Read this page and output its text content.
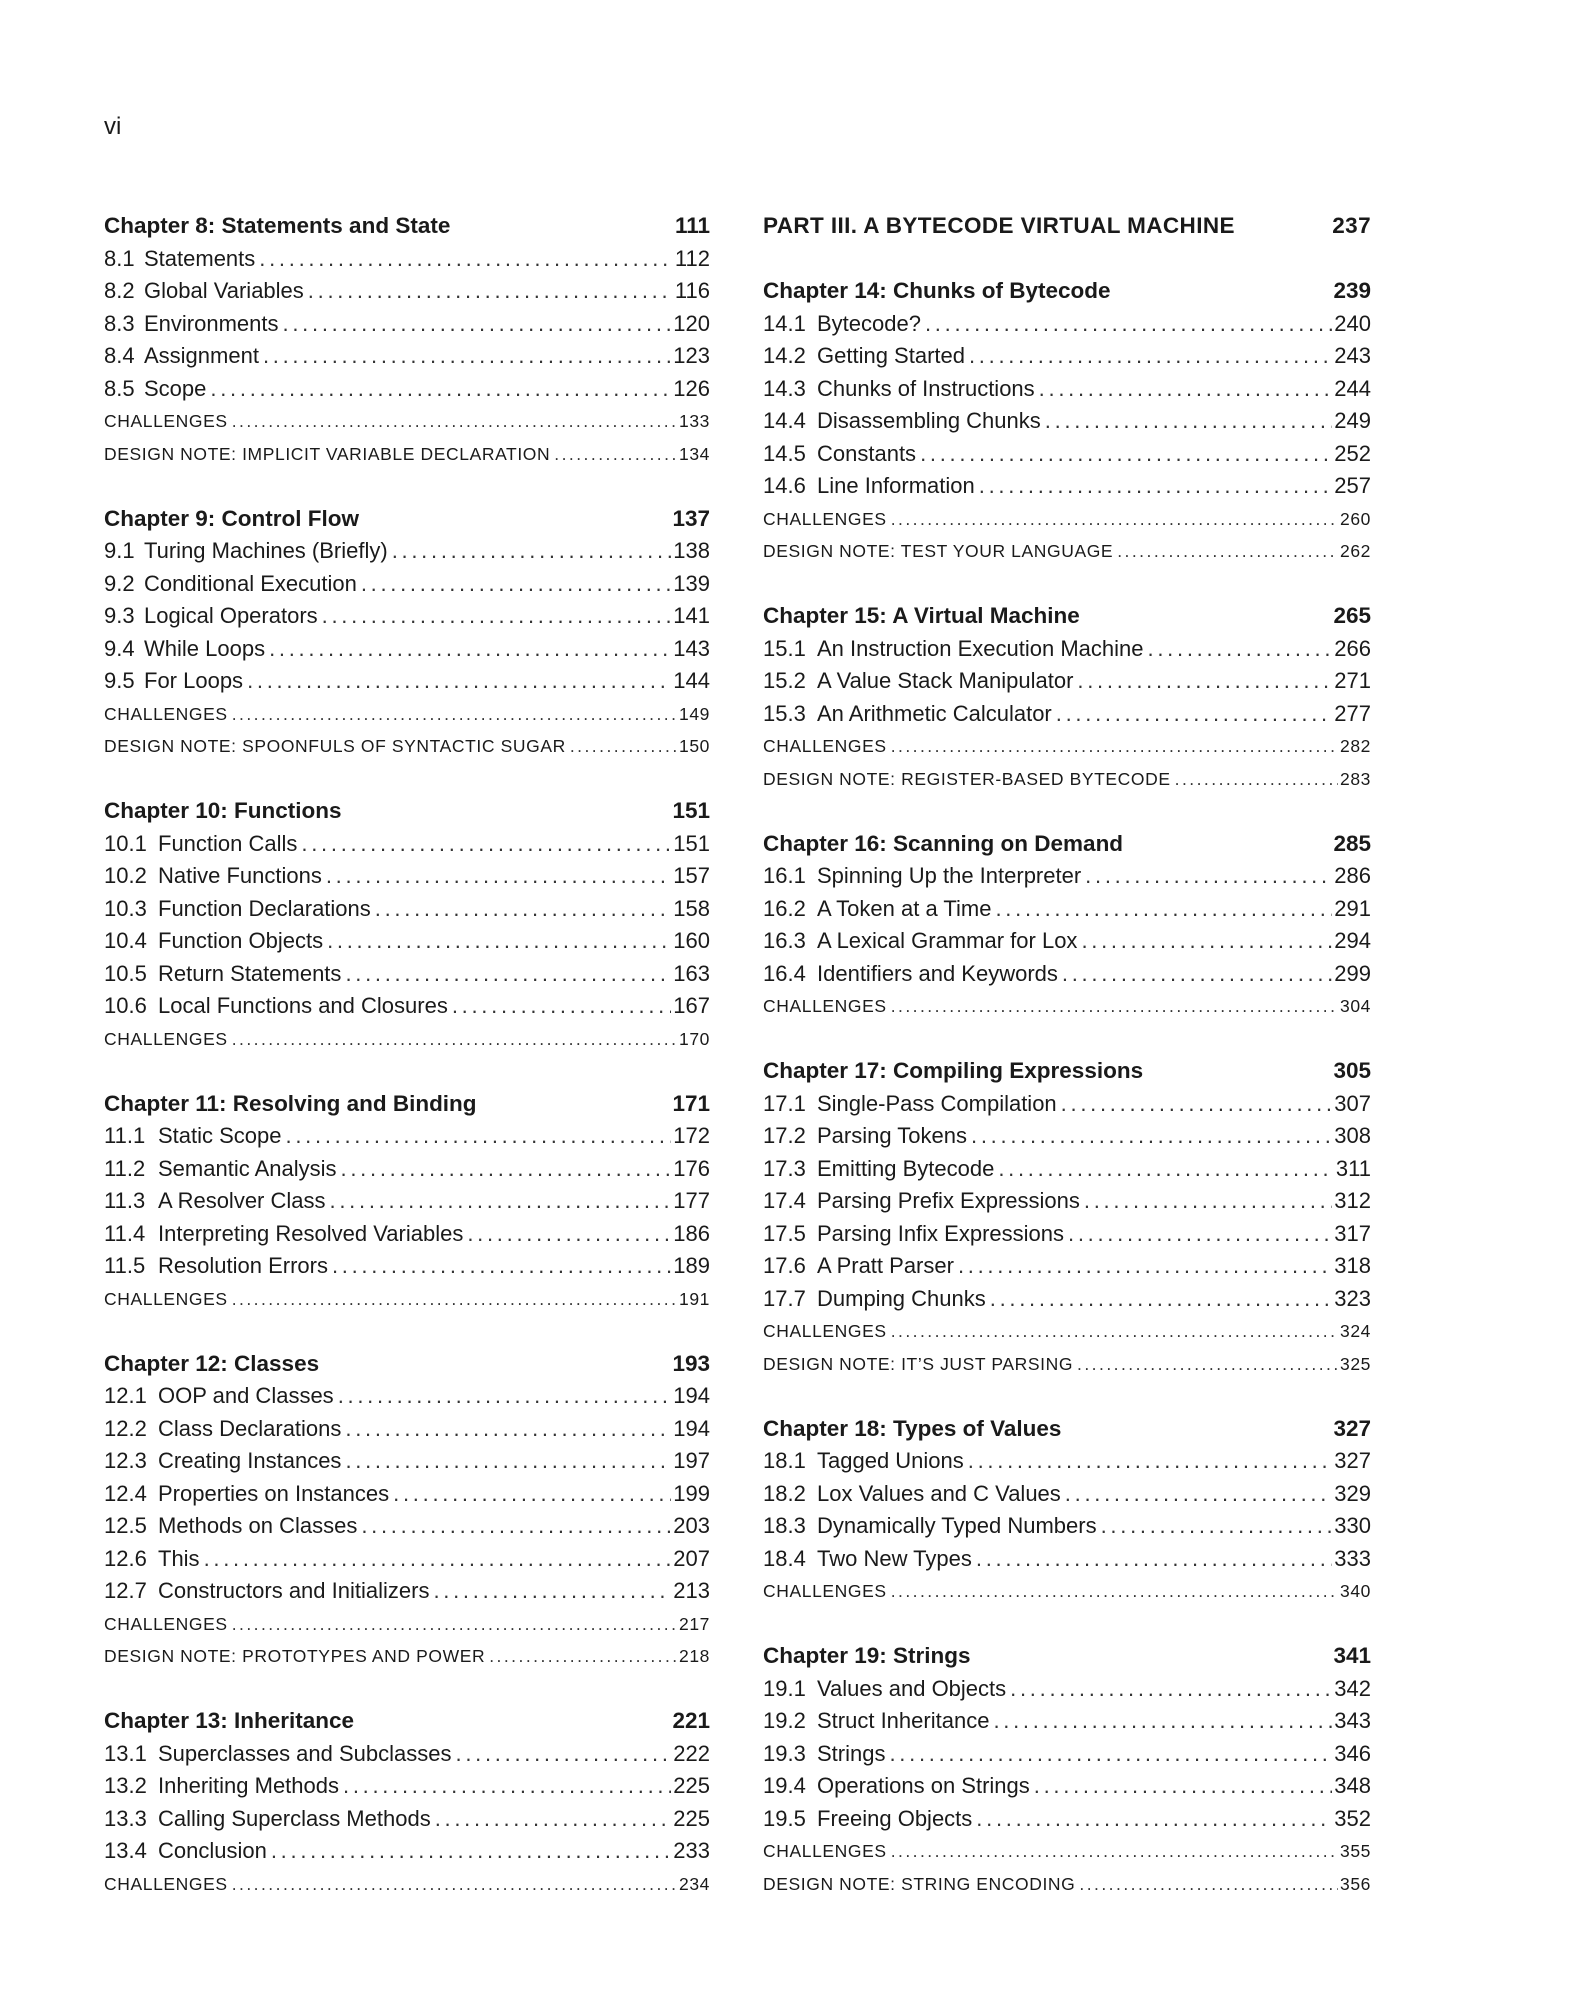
vi
Chapter 8: Statements and State	111
8.1 Statements . . .	112
8.2 Global Variables . . .	116
8.3 Environments . . .	120
8.4 Assignment . . .	123
8.5 Scope . . .	126
CHALLENGES . . .	133
DESIGN NOTE: IMPLICIT VARIABLE DECLARATION . . .	134
Chapter 9: Control Flow	137
9.1 Turing Machines (Briefly) . . .	138
9.2 Conditional Execution . . .	139
9.3 Logical Operators . . .	141
9.4 While Loops . . .	143
9.5 For Loops . . .	144
CHALLENGES . . .	149
DESIGN NOTE: SPOONFULS OF SYNTACTIC SUGAR . . .	150
Chapter 10: Functions	151
10.1 Function Calls . . .	151
10.2 Native Functions . . .	157
10.3 Function Declarations . . .	158
10.4 Function Objects . . .	160
10.5 Return Statements . . .	163
10.6 Local Functions and Closures . . .	167
CHALLENGES . . .	170
Chapter 11: Resolving and Binding	171
11.1 Static Scope . . .	172
11.2 Semantic Analysis . . .	176
11.3 A Resolver Class . . .	177
11.4 Interpreting Resolved Variables . . .	186
11.5 Resolution Errors . . .	189
CHALLENGES . . .	191
Chapter 12: Classes	193
12.1 OOP and Classes . . .	194
12.2 Class Declarations . . .	194
12.3 Creating Instances . . .	197
12.4 Properties on Instances . . .	199
12.5 Methods on Classes . . .	203
12.6 This . . .	207
12.7 Constructors and Initializers . . .	213
CHALLENGES . . .	217
DESIGN NOTE: PROTOTYPES AND POWER . . .	218
Chapter 13: Inheritance	221
13.1 Superclasses and Subclasses . . .	222
13.2 Inheriting Methods . . .	225
13.3 Calling Superclass Methods . . .	225
13.4 Conclusion . . .	233
CHALLENGES . . .	234
PART III. A BYTECODE VIRTUAL MACHINE	237
Chapter 14: Chunks of Bytecode	239
14.1 Bytecode? . . .	240
14.2 Getting Started . . .	243
14.3 Chunks of Instructions . . .	244
14.4 Disassembling Chunks . . .	249
14.5 Constants . . .	252
14.6 Line Information . . .	257
CHALLENGES . . .	260
DESIGN NOTE: TEST YOUR LANGUAGE . . .	262
Chapter 15: A Virtual Machine	265
15.1 An Instruction Execution Machine . . .	266
15.2 A Value Stack Manipulator . . .	271
15.3 An Arithmetic Calculator . . .	277
CHALLENGES . . .	282
DESIGN NOTE: REGISTER-BASED BYTECODE . . .	283
Chapter 16: Scanning on Demand	285
16.1 Spinning Up the Interpreter . . .	286
16.2 A Token at a Time . . .	291
16.3 A Lexical Grammar for Lox . . .	294
16.4 Identifiers and Keywords . . .	299
CHALLENGES . . .	304
Chapter 17: Compiling Expressions	305
17.1 Single-Pass Compilation . . .	307
17.2 Parsing Tokens . . .	308
17.3 Emitting Bytecode . . .	311
17.4 Parsing Prefix Expressions . . .	312
17.5 Parsing Infix Expressions . . .	317
17.6 A Pratt Parser . . .	318
17.7 Dumping Chunks . . .	323
CHALLENGES . . .	324
DESIGN NOTE: IT’S JUST PARSING . . .	325
Chapter 18: Types of Values	327
18.1 Tagged Unions . . .	327
18.2 Lox Values and C Values . . .	329
18.3 Dynamically Typed Numbers . . .	330
18.4 Two New Types . . .	333
CHALLENGES . . .	340
Chapter 19: Strings	341
19.1 Values and Objects . . .	342
19.2 Struct Inheritance . . .	343
19.3 Strings . . .	346
19.4 Operations on Strings . . .	348
19.5 Freeing Objects . . .	352
CHALLENGES . . .	355
DESIGN NOTE: STRING ENCODING . . .	356
